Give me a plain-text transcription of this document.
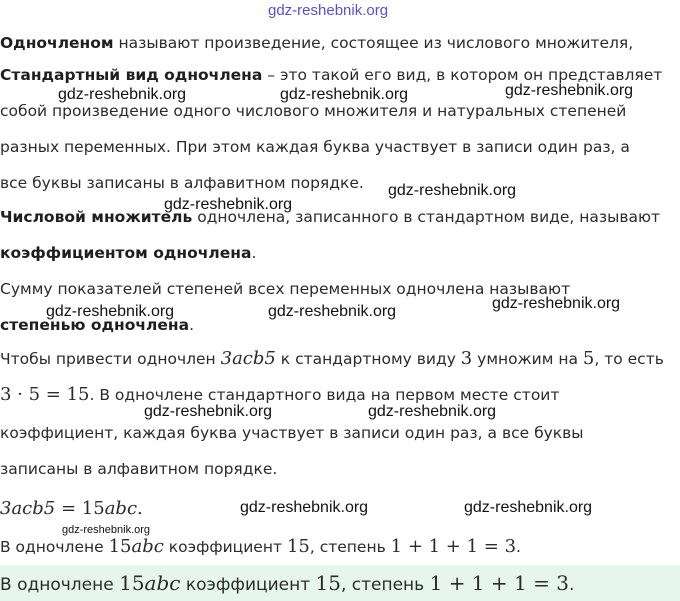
gdz-reshebnik.org
Одночленом называют произведение, состоящее из числового множителя,
Стандартный вид одночлена – это такой его вид, в котором он представляет
собой произведение одного числового множителя и натуральных степеней
разных переменных. При этом каждая буква участвует в записи один раз, а
все буквы записаны в алфавитном порядке.
Числовой множитель одночлена, записанного в стандартном виде, называют
коэффициентом одночлена.
Сумму показателей степеней всех переменных одночлена называют
степенью одночлена.
Чтобы привести одночлен 3acb5 к стандартному виду 3 умножим на 5, то есть
3 · 5 = 15. В одночлене стандартного вида на первом месте стоит
коэффициент, каждая буква участвует в записи один раз, а все буквы
записаны в алфавитном порядке.
3acb5 = 15abc.
В одночлене 15abc коэффициент 15, степень 1 + 1 + 1 = 3.
В одночлене 15abc коэффициент 15, степень 1 + 1 + 1 = 3.
gdz-reshebnik.org	gdz-reshebnik.org	gdz-reshebnik.org
gdz-reshebnik.org
gdz-reshebnik.org
gdz-reshebnik.org	gdz-reshebnik.org	gdz-reshebnik.org
gdz-reshebnik.org	gdz-reshebnik.org
gdz-reshebnik.org	gdz-reshebnik.org
gdz-reshebnik.org
